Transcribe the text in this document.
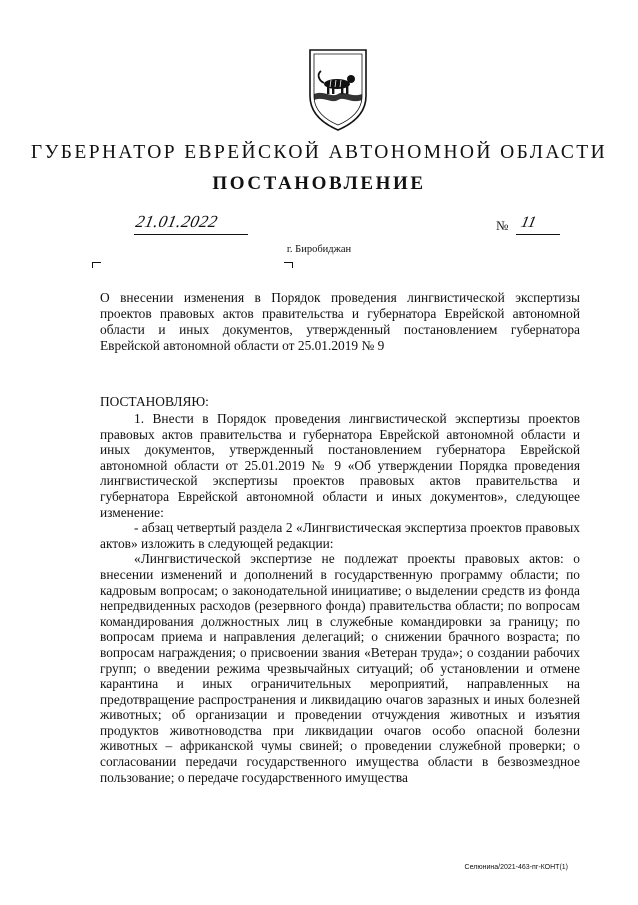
ГУБЕРНАТОР ЕВРЕЙСКОЙ АВТОНОМНОЙ ОБЛАСТИ
ПОСТАНОВЛЕНИЕ
21.01.2022	№ 11
г. Биробиджан
О внесении изменения в Порядок проведения лингвистической экспертизы проектов правовых актов правительства и губернатора Еврейской автономной области и иных документов, утвержденный постановлением губернатора Еврейской автономной области от 25.01.2019 № 9
ПОСТАНОВЛЯЮ:

1. Внести в Порядок проведения лингвистической экспертизы проектов правовых актов правительства и губернатора Еврейской автономной области и иных документов, утвержденный постановлением губернатора Еврейской автономной области от 25.01.2019 № 9 «Об утверждении Порядка проведения лингвистической экспертизы проектов правовых актов правительства и губернатора Еврейской автономной области и иных документов», следующее изменение:

- абзац четвертый раздела 2 «Лингвистическая экспертиза проектов правовых актов» изложить в следующей редакции:

«Лингвистической экспертизе не подлежат проекты правовых актов: о внесении изменений и дополнений в государственную программу области; по кадровым вопросам; о законодательной инициативе; о выделении средств из фонда непредвиденных расходов (резервного фонда) правительства области; по вопросам командирования должностных лиц в служебные командировки за границу; по вопросам приема и направления делегаций; о снижении брачного возраста; по вопросам награждения; о присвоении звания «Ветеран труда»; о создании рабочих групп; о введении режима чрезвычайных ситуаций; об установлении и отмене карантина и иных ограничительных мероприятий, направленных на предотвращение распространения и ликвидацию очагов заразных и иных болезней животных; об организации и проведении отчуждения животных и изъятия продуктов животноводства при ликвидации очагов особо опасной болезни животных – африканской чумы свиней; о проведении служебной проверки; о согласовании передачи государственного имущества области в безвозмездное пользование; о передаче государственного имущества

Селюнина/2021-463-пг-КОНТ(1)
